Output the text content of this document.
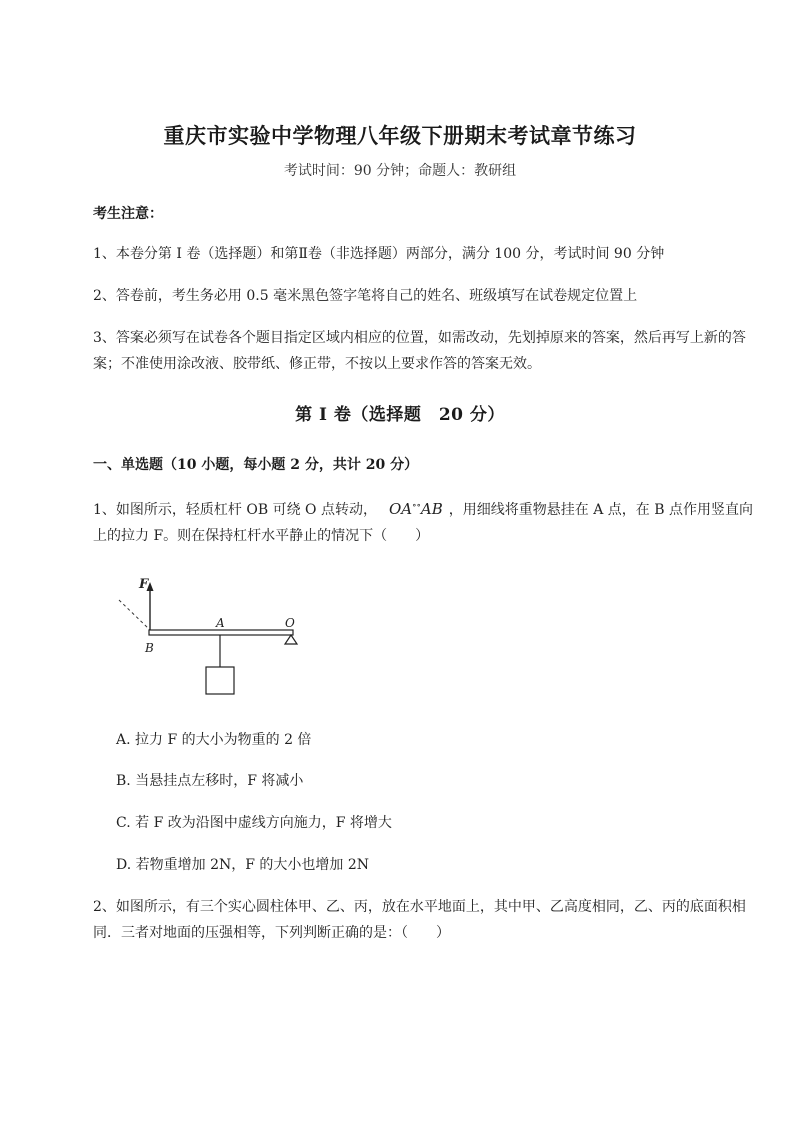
重庆市实验中学物理八年级下册期末考试章节练习
考试时间：90 分钟；命题人：教研组
考生注意：
1、本卷分第 I 卷（选择题）和第Ⅱ卷（非选择题）两部分，满分 100 分，考试时间 90 分钟
2、答卷前，考生务必用 0.5 毫米黑色签字笔将自己的姓名、班级填写在试卷规定位置上
3、答案必须写在试卷各个题目指定区域内相应的位置，如需改动，先划掉原来的答案，然后再写上新的答案；不准使用涂改液、胶带纸、修正带，不按以上要求作答的答案无效。
第 I 卷（选择题　20 分）
一、单选题（10 小题，每小题 2 分，共计 20 分）
1、如图所示，轻质杠杆 OB 可绕 O 点转动， OA∘∘AB ，用细线将重物悬挂在 A 点，在 B 点作用竖直向上的拉力 F。则在保持杠杆水平静止的情况下（　　）
F
A	O
B
A. 拉力 F 的大小为物重的 2 倍
B. 当悬挂点左移时，F 将减小
C. 若 F 改为沿图中虚线方向施力，F 将增大
D. 若物重增加 2N，F 的大小也增加 2N
2、如图所示，有三个实心圆柱体甲、乙、丙，放在水平地面上，其中甲、乙高度相同，乙、丙的底面积相同．三者对地面的压强相等，下列判断正确的是：（　　）
